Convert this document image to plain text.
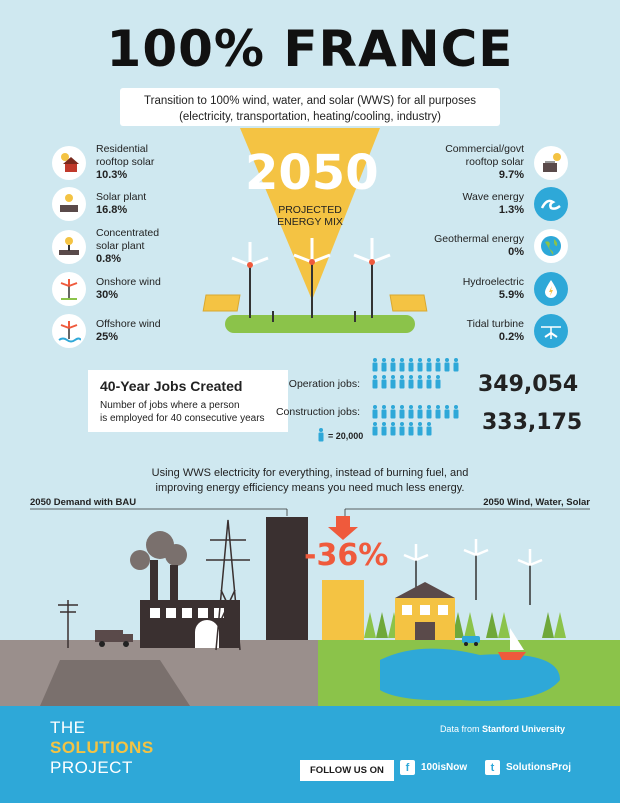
100% FRANCE
Transition to 100% wind, water, and solar (WWS) for all purposes
(electricity, transportation, heating/cooling, industry)
2050
PROJECTED
ENERGY MIX
Residential
rooftop solar
10.3%
Solar plant
16.8%
Concentrated
solar plant
0.8%
Onshore wind
30%
Offshore wind
25%
Commercial/govt
rooftop solar
9.7%
Wave energy
1.3%
Geothermal energy
0%
Hydroelectric
5.9%
Tidal turbine
0.2%
40-Year Jobs Created
Number of jobs where a person
is employed for 40 consecutive years
Operation jobs:	349,054
Construction jobs:	333,175
= 20,000
Using WWS electricity for everything, instead of burning fuel, and
improving energy efficiency means you need much less energy.
2050 Demand with BAU	2050 Wind, Water, Solar
-36%
THE
SOLUTIONS
PROJECT
Data from Stanford University
FOLLOW US ON	f	100isNow	t	SolutionsProj
